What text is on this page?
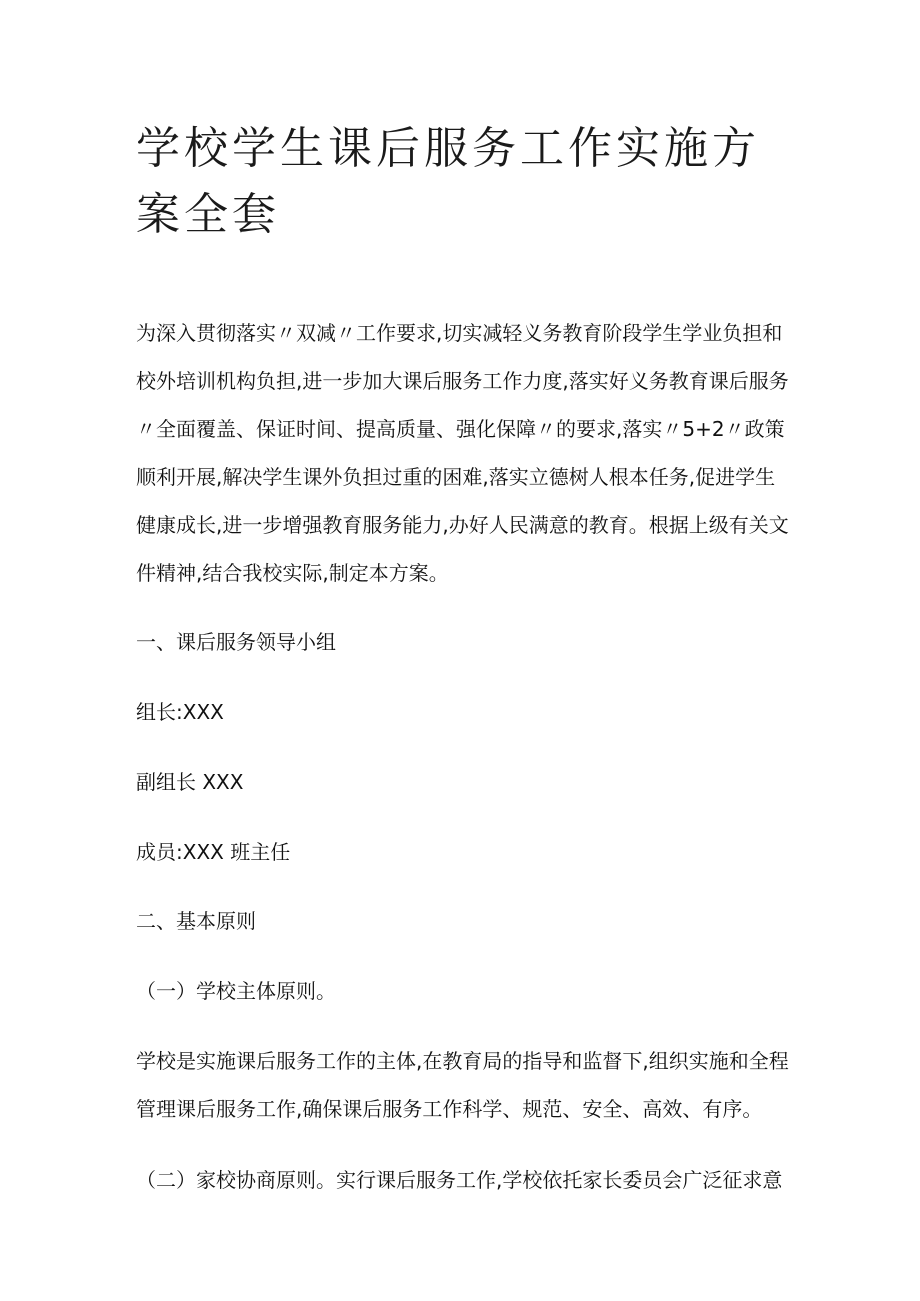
学校学生课后服务工作实施方案全套

为深入贯彻落实〃双减〃工作要求,切实减轻义务教育阶段学生学业负担和校外培训机构负担,进一步加大课后服务工作力度,落实好义务教育课后服务〃全面覆盖、保证时间、提高质量、强化保障〃的要求,落实〃5+2〃政策顺利开展,解决学生课外负担过重的困难,落实立德树人根本任务,促进学生健康成长,进一步增强教育服务能力,办好人民满意的教育。根据上级有关文件精神,结合我校实际,制定本方案。

一、课后服务领导小组

组长:XXX

副组长 XXX

成员:XXX 班主任

二、基本原则

（一）学校主体原则。

学校是实施课后服务工作的主体,在教育局的指导和监督下,组织实施和全程管理课后服务工作,确保课后服务工作科学、规范、安全、高效、有序。

（二）家校协商原则。实行课后服务工作,学校依托家长委员会广泛征求意
